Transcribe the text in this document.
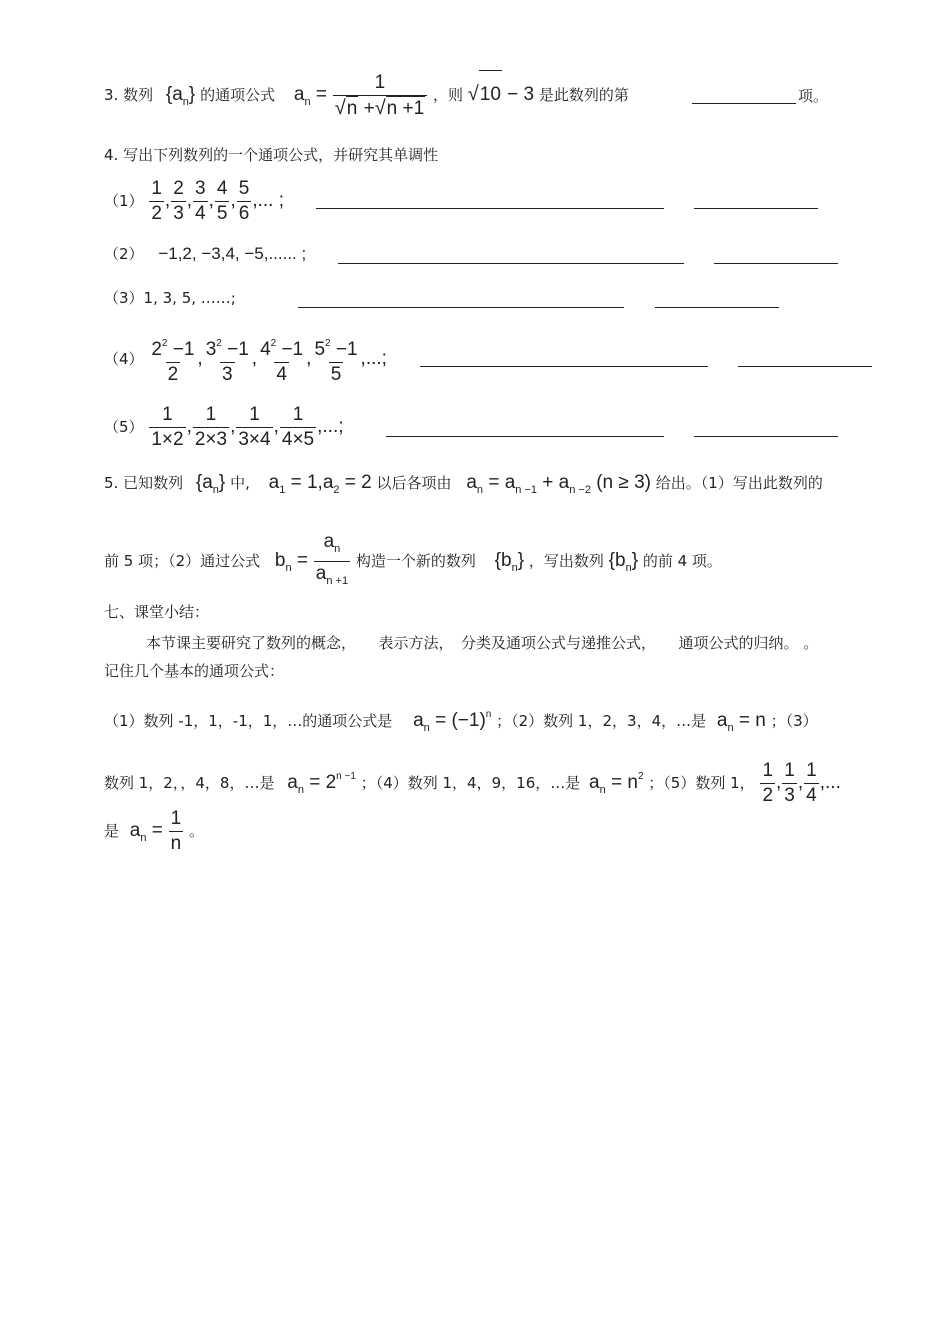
3. 数列 $\{a_n\}$ 的通项公式 $a_n = \frac{1}{√n +√n +1}$ ，则 √10 − 3 是此数列的第	项。
4. 写出下列数列的一个通项公式，并研究其单调性
$(1) \frac{1}{2}$ , $\frac{2}{3}$ , $\frac{3}{4}$ , $\frac{4}{5}$ , $\frac{5}{6}$ ,... ;
（2） −1,2, −3,4, −5,...... ;
（3）1, 3, 5, ……;
$(4) \frac{2^2 -1}{2}$ , $\frac{3^2 -1}{3}$ , $\frac{4^2 -1}{4}$ , $\frac{5^2 -1}{5}$ ,...;
$(5) \frac{1}{1\times 2}$ , $\frac{1}{2\times 3}$ , $\frac{1}{3\times 4}$ , $\frac{1}{4\times 5}$ ,...;
5. 已知数列 $\{a_n\}$ 中, $a_1 = 1,a_2 = 2$ 以后各项由 $a_n = a_{n -1} + a_{n -2}$ (n ≥ 3) 给出。（1）写出此数列的
前 5 项；（2）通过公式 $b_n = \frac{a_n}{a_{n +1}}$ 构造一个新的数列 $\{b_n\}$ ，写出数列 $\{b_n\}$ 的前 4 项。
七、课堂小结：
本节课主要研究了数列的概念，　　表示方法，　分类及通项公式与递推公式，　　通项公式的归纳。 。
记住几个基本的通项公式：
（1）数列 -1，1，-1，1，…的通项公式是 $a_n = (-1)^n$ ；（2）数列 1，2，3，4，…是 $a_n = n$ ；（3）
数列 1，2，，4，8，…是 $a_n = 2^{n -1}$ ；（4）数列 1，4，9，16，…是 $a_n = n^2$ ；（5）数列 1， $\frac{1}{2}$ , $\frac{1}{3}$ , $\frac{1}{4}$ ,...
是 $a_n = \frac{1}{n}$ 。
